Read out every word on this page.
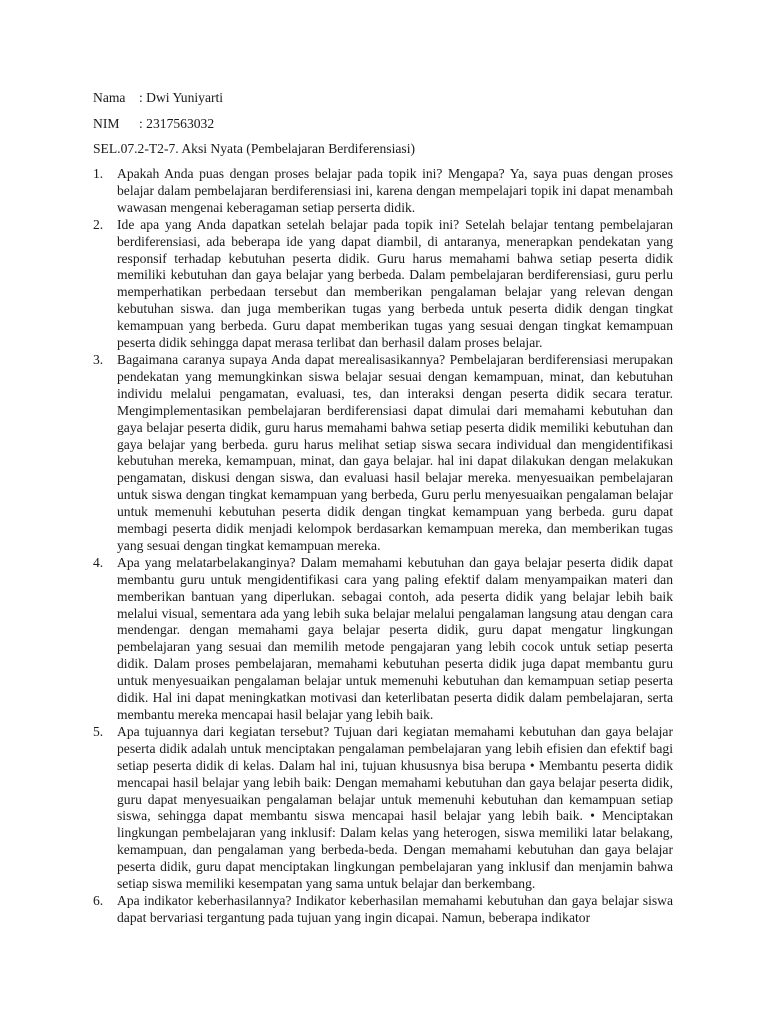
Nama : Dwi Yuniyarti
NIM : 2317563032
SEL.07.2-T2-7. Aksi Nyata (Pembelajaran Berdiferensiasi)
1.	Apakah Anda puas dengan proses belajar pada topik ini? Mengapa? Ya, saya puas dengan proses belajar dalam pembelajaran berdiferensiasi ini, karena dengan mempelajari topik ini dapat menambah wawasan mengenai keberagaman setiap perserta didik.
2.	Ide apa yang Anda dapatkan setelah belajar pada topik ini? Setelah belajar tentang pembelajaran berdiferensiasi, ada beberapa ide yang dapat diambil, di antaranya, menerapkan pendekatan yang responsif terhadap kebutuhan peserta didik. Guru harus memahami bahwa setiap peserta didik memiliki kebutuhan dan gaya belajar yang berbeda. Dalam pembelajaran berdiferensiasi, guru perlu memperhatikan perbedaan tersebut dan memberikan pengalaman belajar yang relevan dengan kebutuhan siswa. dan juga memberikan tugas yang berbeda untuk peserta didik dengan tingkat kemampuan yang berbeda. Guru dapat memberikan tugas yang sesuai dengan tingkat kemampuan peserta didik sehingga dapat merasa terlibat dan berhasil dalam proses belajar.
3.	Bagaimana caranya supaya Anda dapat merealisasikannya? Pembelajaran berdiferensiasi merupakan pendekatan yang memungkinkan siswa belajar sesuai dengan kemampuan, minat, dan kebutuhan individu melalui pengamatan, evaluasi, tes, dan interaksi dengan peserta didik secara teratur. Mengimplementasikan pembelajaran berdiferensiasi dapat dimulai dari memahami kebutuhan dan gaya belajar peserta didik, guru harus memahami bahwa setiap peserta didik memiliki kebutuhan dan gaya belajar yang berbeda. guru harus melihat setiap siswa secara individual dan mengidentifikasi kebutuhan mereka, kemampuan, minat, dan gaya belajar. hal ini dapat dilakukan dengan melakukan pengamatan, diskusi dengan siswa, dan evaluasi hasil belajar mereka. menyesuaikan pembelajaran untuk siswa dengan tingkat kemampuan yang berbeda, Guru perlu menyesuaikan pengalaman belajar untuk memenuhi kebutuhan peserta didik dengan tingkat kemampuan yang berbeda. guru dapat membagi peserta didik menjadi kelompok berdasarkan kemampuan mereka, dan memberikan tugas yang sesuai dengan tingkat kemampuan mereka.
4.	Apa yang melatarbelakanginya? Dalam memahami kebutuhan dan gaya belajar peserta didik dapat membantu guru untuk mengidentifikasi cara yang paling efektif dalam menyampaikan materi dan memberikan bantuan yang diperlukan. sebagai contoh, ada peserta didik yang belajar lebih baik melalui visual, sementara ada yang lebih suka belajar melalui pengalaman langsung atau dengan cara mendengar. dengan memahami gaya belajar peserta didik, guru dapat mengatur lingkungan pembelajaran yang sesuai dan memilih metode pengajaran yang lebih cocok untuk setiap peserta didik. Dalam proses pembelajaran, memahami kebutuhan peserta didik juga dapat membantu guru untuk menyesuaikan pengalaman belajar untuk memenuhi kebutuhan dan kemampuan setiap peserta didik. Hal ini dapat meningkatkan motivasi dan keterlibatan peserta didik dalam pembelajaran, serta membantu mereka mencapai hasil belajar yang lebih baik.
5.	Apa tujuannya dari kegiatan tersebut? Tujuan dari kegiatan memahami kebutuhan dan gaya belajar peserta didik adalah untuk menciptakan pengalaman pembelajaran yang lebih efisien dan efektif bagi setiap peserta didik di kelas. Dalam hal ini, tujuan khususnya bisa berupa • Membantu peserta didik mencapai hasil belajar yang lebih baik: Dengan memahami kebutuhan dan gaya belajar peserta didik, guru dapat menyesuaikan pengalaman belajar untuk memenuhi kebutuhan dan kemampuan setiap siswa, sehingga dapat membantu siswa mencapai hasil belajar yang lebih baik. • Menciptakan lingkungan pembelajaran yang inklusif: Dalam kelas yang heterogen, siswa memiliki latar belakang, kemampuan, dan pengalaman yang berbeda-beda. Dengan memahami kebutuhan dan gaya belajar peserta didik, guru dapat menciptakan lingkungan pembelajaran yang inklusif dan menjamin bahwa setiap siswa memiliki kesempatan yang sama untuk belajar dan berkembang.
6.	Apa indikator keberhasilannya? Indikator keberhasilan memahami kebutuhan dan gaya belajar siswa dapat bervariasi tergantung pada tujuan yang ingin dicapai. Namun, beberapa indikator
